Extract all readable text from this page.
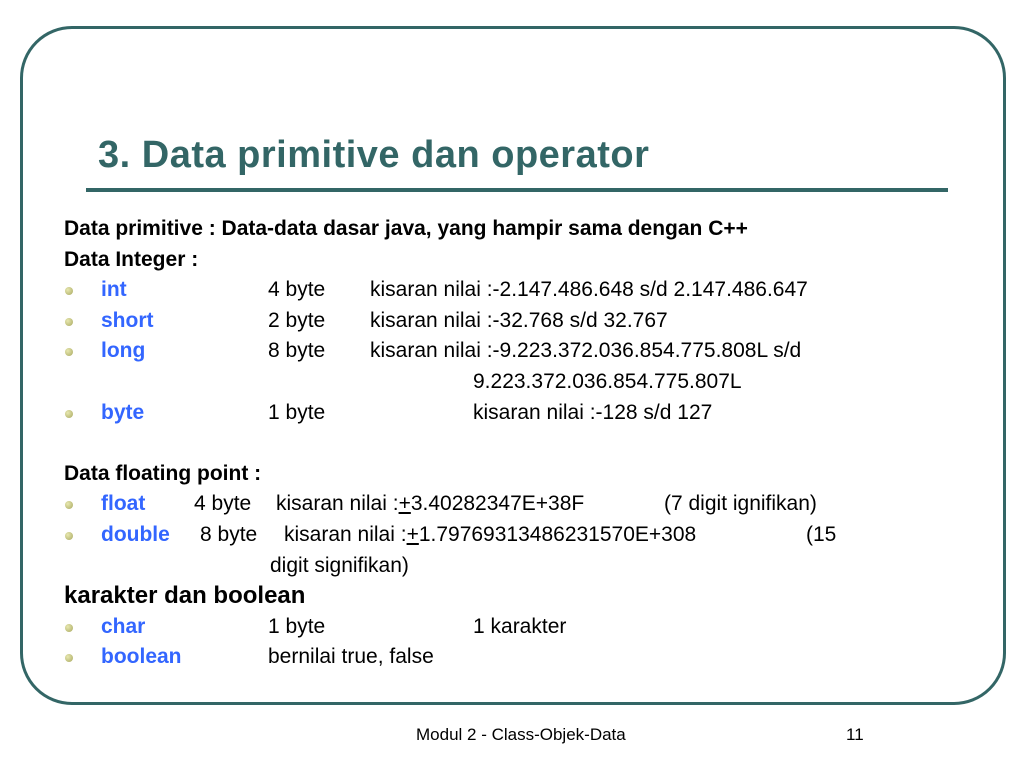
3. Data primitive dan operator
Data primitive : Data-data dasar java, yang hampir sama dengan C++
Data Integer :
int	4 byte kisaran nilai :-2.147.486.648 s/d 2.147.486.647
short	2 byte kisaran nilai :-32.768 s/d 32.767
long	8 byte kisaran nilai :-9.223.372.036.854.775.808L s/d
9.223.372.036.854.775.807L
byte	1 byte	kisaran nilai :-128 s/d 127
Data floating point :
float 4 byte kisaran nilai :+3.40282347E+38F	(7 digit ignifikan)
double 8 byte kisaran nilai :+1.79769313486231570E+308	(15
digit signifikan)
karakter dan boolean
char	1 byte	1 karakter
boolean	bernilai true, false
Modul 2 - Class-Objek-Data	11
